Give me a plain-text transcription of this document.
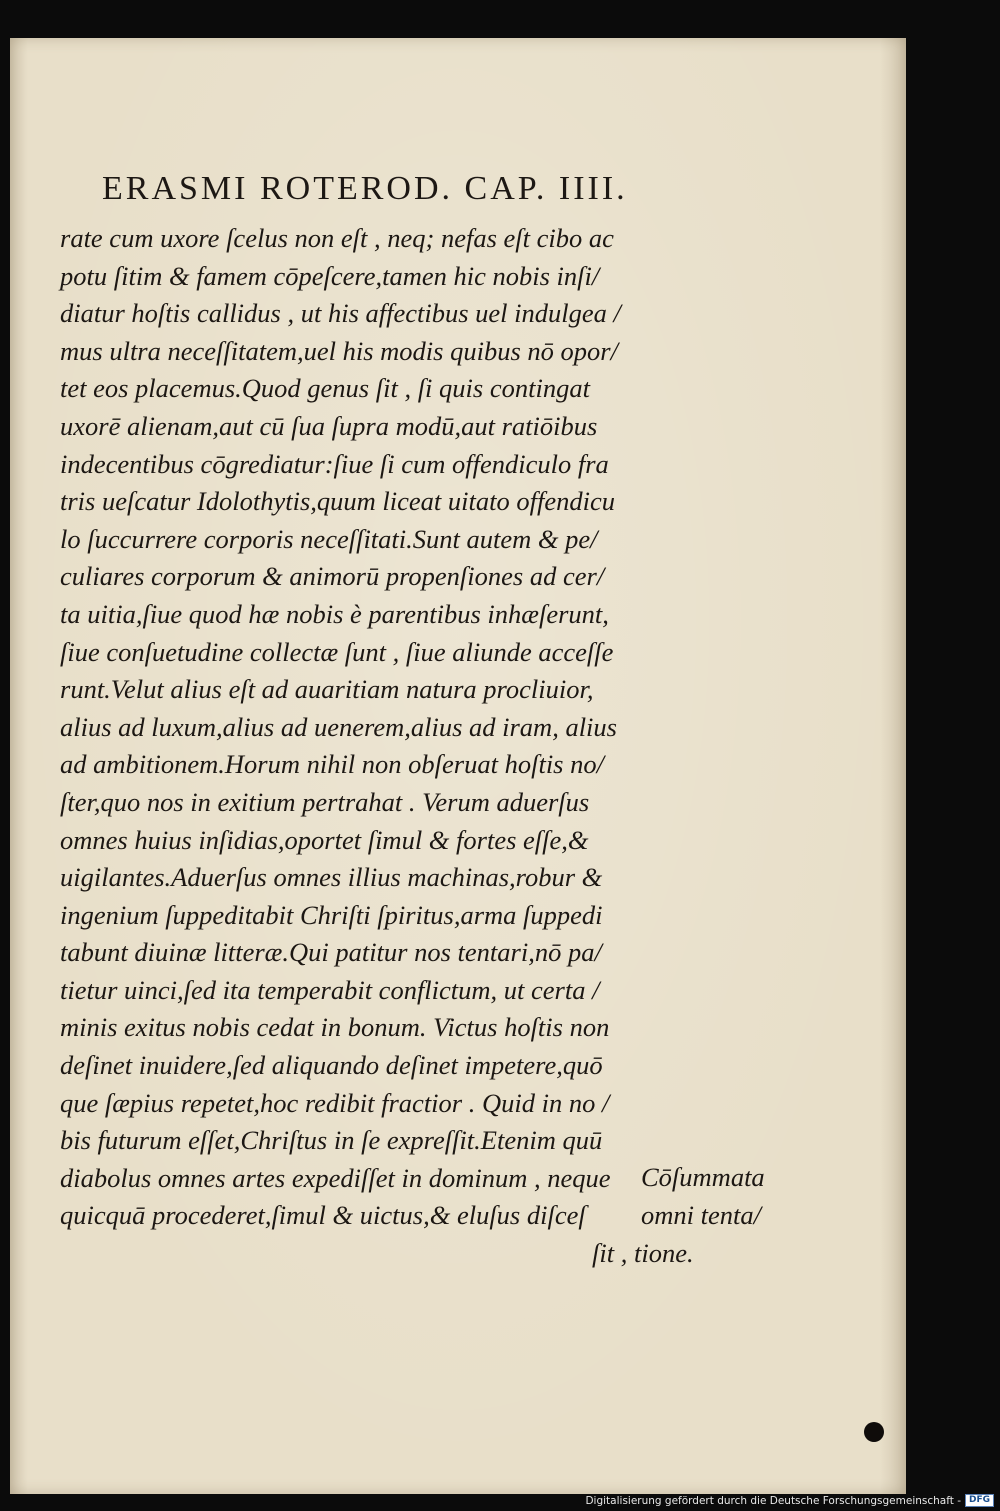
ERASMI ROTEROD. CAP. IIII.
rate cum uxore ſcelus non eſt , neq; nefas eſt cibo ac
potu ſitim & famem cōpeſcere,tamen hic nobis inſi/
diatur hoſtis callidus , ut his affectibus uel indulgea /
mus ultra neceſſitatem,uel his modis quibus nō opor/
tet eos placemus.Quod genus ſit , ſi quis contingat
uxorē alienam,aut cū ſua ſupra modū,aut ratiōibus
indecentibus cōgrediatur:ſiue ſi cum offendiculo fra
tris ueſcatur Idolothytis,quum liceat uitato offendicu
lo ſuccurrere corporis neceſſitati.Sunt autem & pe/
culiares corporum & animorū propenſiones ad cer/
ta uitia,ſiue quod hæ nobis è parentibus inhæſerunt,
ſiue conſuetudine collectæ ſunt , ſiue aliunde acceſſe
runt.Velut alius eſt ad auaritiam natura procliuior,
alius ad luxum,alius ad uenerem,alius ad iram, alius
ad ambitionem.Horum nihil non obſeruat hoſtis no/
ſter,quo nos in exitium pertrahat . Verum aduerſus
omnes huius inſidias,oportet ſimul & fortes eſſe,&
uigilantes.Aduerſus omnes illius machinas,robur &
ingenium ſuppeditabit Chriſti ſpiritus,arma ſuppedi
tabunt diuinæ litteræ.Qui patitur nos tentari,nō pa/
tietur uinci,ſed ita temperabit conflictum, ut certa /
minis exitus nobis cedat in bonum. Victus hoſtis non
deſinet inuidere,ſed aliquando deſinet impetere,quō
que ſæpius repetet,hoc redibit fractior . Quid in no /
bis futurum eſſet,Chriſtus in ſe expreſſit.Etenim quū
diabolus omnes artes expediſſet in dominum , neque
quicquā procederet,ſimul & uictus,& eluſus diſceſ
ſit , tione.
Cōſummata
omni tenta/
Digitalisierung gefördert durch die Deutsche Forschungsgemeinschaft - DFG
